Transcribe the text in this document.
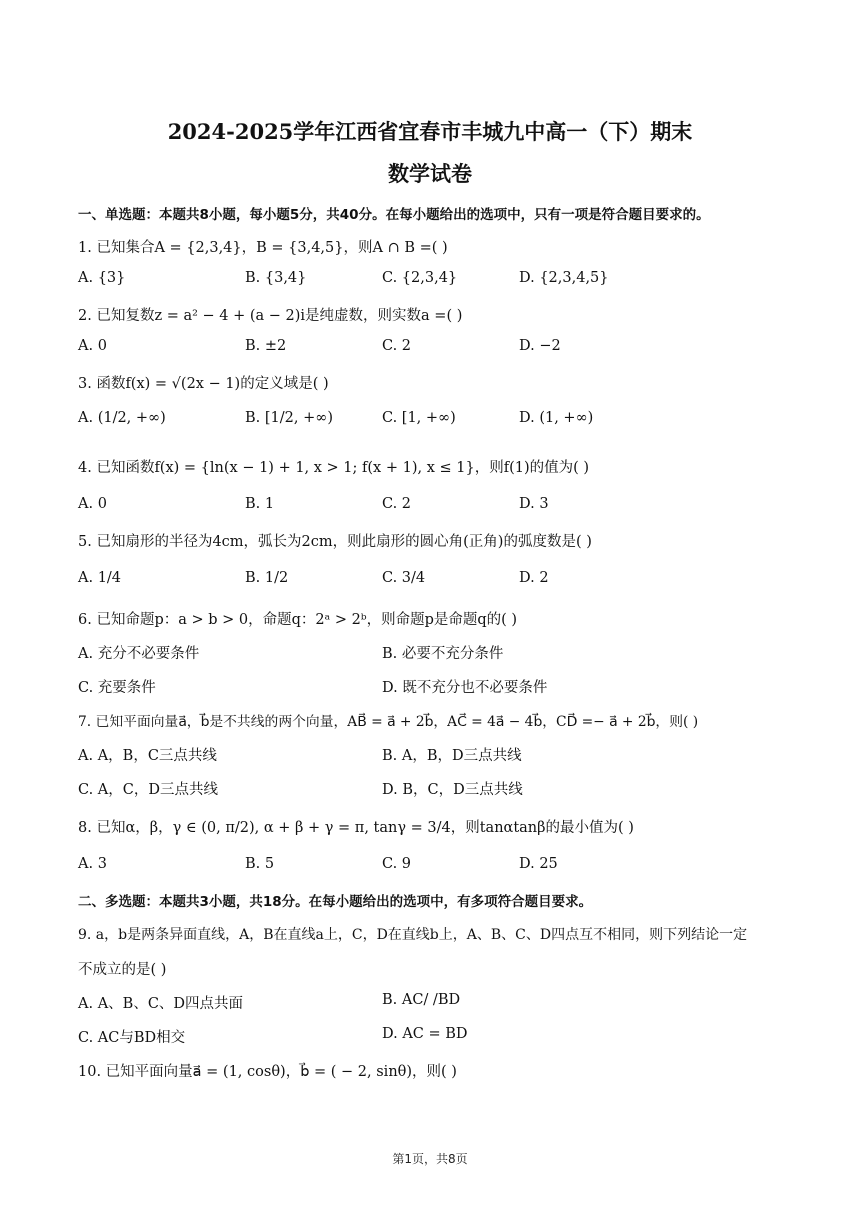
2024-2025学年江西省宜春市丰城九中高一（下）期末
数学试卷
一、单选题：本题共8小题，每小题5分，共40分。在每小题给出的选项中，只有一项是符合题目要求的。
1. 已知集合A = {2,3,4}，B = {3,4,5}，则A ∩ B =( )
A. {3}	B. {3,4}	C. {2,3,4}	D. {2,3,4,5}
2. 已知复数z = a² − 4 + (a − 2)i是纯虚数，则实数a =( )
A. 0	B. ±2	C. 2	D. −2
3. 函数f(x) = √(2x − 1)的定义域是( )
A. (1/2, +∞)	B. [1/2, +∞)	C. [1, +∞)	D. (1, +∞)
4. 已知函数f(x) = {ln(x − 1) + 1, x > 1; f(x + 1), x ≤ 1}，则f(1)的值为( )
A. 0	B. 1	C. 2	D. 3
5. 已知扇形的半径为4cm，弧长为2cm，则此扇形的圆心角(正角)的弧度数是( )
A. 1/4	B. 1/2	C. 3/4	D. 2
6. 已知命题p：a > b > 0，命题q：2ᵃ > 2ᵇ，则命题p是命题q的( )
A. 充分不必要条件	B. 必要不充分条件
C. 充要条件	D. 既不充分也不必要条件
7. 已知平面向量a⃗，b⃗是不共线的两个向量，AB⃗ = a⃗ + 2b⃗，AC⃗ = 4a⃗ − 4b⃗，CD⃗ =− a⃗ + 2b⃗，则( )
A. A，B，C三点共线	B. A，B，D三点共线
C. A，C，D三点共线	D. B，C，D三点共线
8. 已知α，β，γ ∈ (0, π/2), α + β + γ = π, tanγ = 3/4，则tanαtanβ的最小值为( )
A. 3	B. 5	C. 9	D. 25
二、多选题：本题共3小题，共18分。在每小题给出的选项中，有多项符合题目要求。
9. a，b是两条异面直线，A，B在直线a上，C，D在直线b上，A、B、C、D四点互不相同，则下列结论一定
不成立的是( )
A. A、B、C、D四点共面	B. AC/ /BD
C. AC与BD相交	D. AC = BD
10. 已知平面向量a⃗ = (1, cosθ)，b⃗ = ( − 2, sinθ)，则( )
第1页，共8页
